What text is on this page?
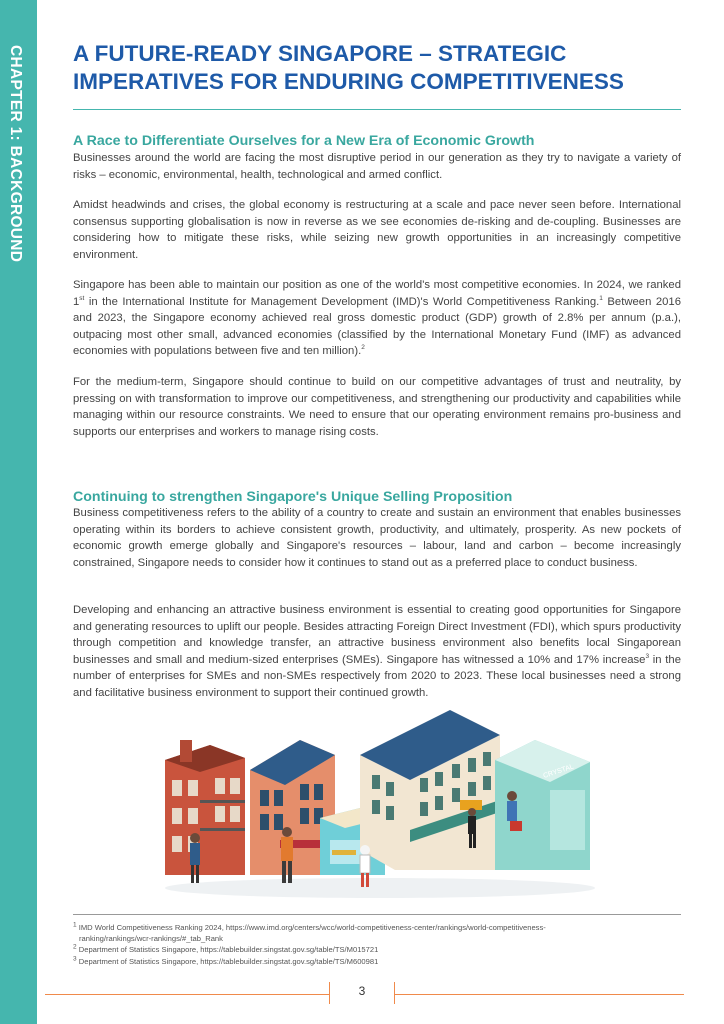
CHAPTER 1: BACKGROUND A FUTURE-READY SINGAPORE – STRATEGIC IMPERATIVES FOR ENDURING COMPETITIVENESS
A Race to Differentiate Ourselves for a New Era of Economic Growth

Businesses around the world are facing the most disruptive period in our generation as they try to navigate a variety of risks – economic, environmental, health, technological and armed conflict.

Amidst headwinds and crises, the global economy is restructuring at a scale and pace never seen before. International consensus supporting globalisation is now in reverse as we see economies de-risking and de-coupling. Businesses are considering how to mitigate these risks, while seizing new growth opportunities in an increasingly competitive environment.

Singapore has been able to maintain our position as one of the world's most competitive economies. In 2024, we ranked 1st in the International Institute for Management Development (IMD)'s World Competitiveness Ranking.$^1$ Between 2016 and 2023, the Singapore economy achieved real gross domestic product (GDP) growth of 2.8% per annum (p.a.), outpacing most other small, advanced economies (classified by the International Monetary Fund (IMF) as advanced economies with populations between five and ten million).$^2$

For the medium-term, Singapore should continue to build on our competitive advantages of trust and neutrality, by pressing on with transformation to improve our competitiveness, and strengthening our productivity and capabilities while managing within our resource constraints. We need to ensure that our operating environment remains pro-business and supports our enterprises and workers to manage rising costs.

Continuing to strengthen Singapore's Unique Selling Proposition

Business competitiveness refers to the ability of a country to create and sustain an environment that enables businesses operating within its borders to achieve consistent growth, productivity, and ultimately, prosperity. As new pockets of economic growth emerge globally and Singapore's resources – labour, land and carbon – become increasingly constrained, Singapore needs to consider how it continues to stand out as a preferred place to conduct business.

Developing and enhancing an attractive business environment is essential to creating good opportunities for Singapore and generating resources to uplift our people. Besides attracting Foreign Direct Investment (FDI), which spurs productivity through competition and knowledge transfer, an attractive business environment also benefits local Singaporean businesses and small and medium-sized enterprises (SMEs). Singapore has witnessed a 10% and 17% increase$^3$ in the number of enterprises for SMEs and non-SMEs respectively from 2020 to 2023. These local businesses need a strong and facilitative business environment to support their continued growth.

CRYSTAL

$^1$ IMD World Competitiveness Ranking 2024, https://www.imd.org/centers/wcc/world-competitiveness-center/rankings/world-competitiveness-

ranking/rankings/wcr-rankings/#_tab_Rank

$^2$ Department of Statistics Singapore, https://tablebuilder.singstat.gov.sg/table/TS/M015721

$^3$ Department of Statistics Singapore, https://tablebuilder.singstat.gov.sg/table/TS/M600981

3
